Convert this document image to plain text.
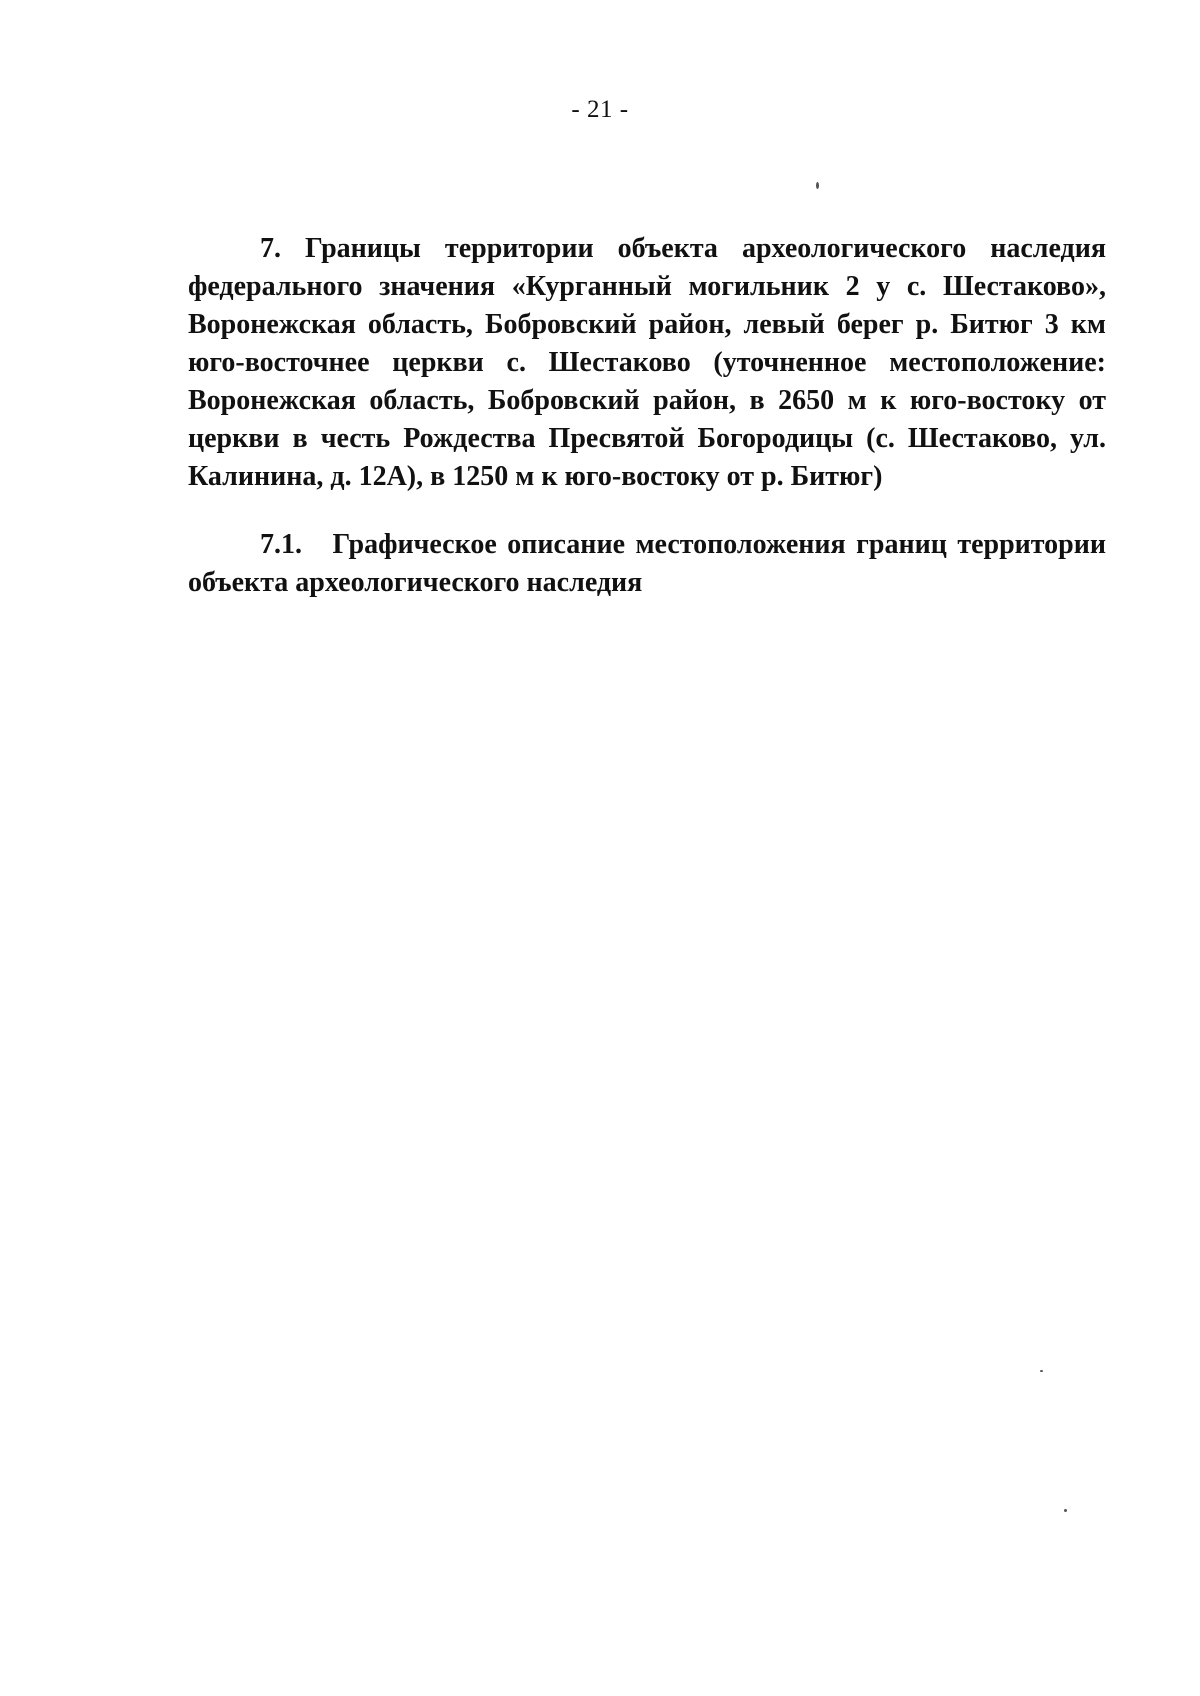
- 21 -
7. Границы территории объекта археологического наследия федерального значения «Курганный могильник 2 у с. Шестаково», Воронежская область, Бобровский район, левый берег р. Битюг 3 км юго-восточнее церкви с. Шестаково (уточненное местоположение: Воронежская область, Бобровский район, в 2650 м к юго-востоку от церкви в честь Рождества Пресвятой Богородицы (с. Шестаково, ул. Калинина, д. 12А), в 1250 м к юго-востоку от р. Битюг)
7.1. Графическое описание местоположения границ территории объекта археологического наследия
